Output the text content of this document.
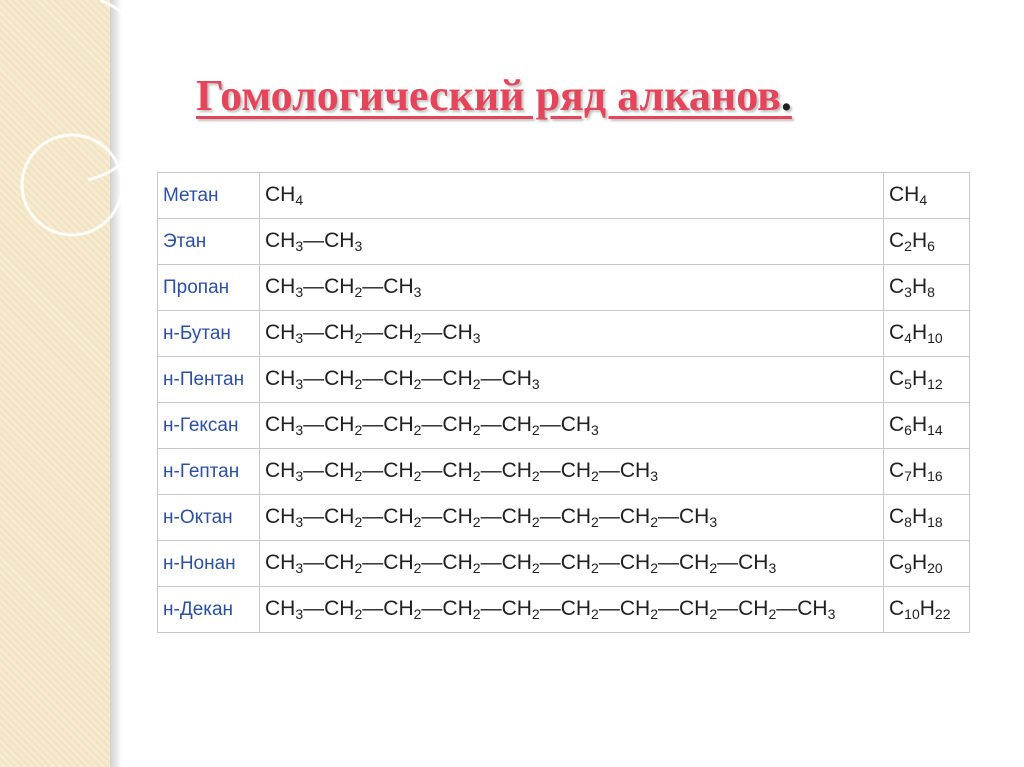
Гомологический ряд алканов.
Метан	$CH_4$	$CH_4$
Этан	$CH_3—CH_3$	$C_2H_6$
Пропан	$CH_3—CH_2—CH_3$	$C_3H_8$
н-Бутан	$CH_3—CH_2—CH_2—CH_3$	$C_4H_{10}$
н-Пентан	$CH_3—CH_2—CH_2—CH_2—CH_3$	$C_5H_{12}$
н-Гексан	$CH_3—CH_2—CH_2—CH_2—CH_2—CH_3$	$C_6H_{14}$
н-Гептан	$CH_3—CH_2—CH_2—CH_2—CH_2—CH_2—CH_3$	$C_7H_{16}$
н-Октан	$CH_3—CH_2—CH_2—CH_2—CH_2—CH_2—CH_2—CH_3$	$C_8H_{18}$
н-Нонан	$CH_3—CH_2—CH_2—CH_2—CH_2—CH_2—CH_2—CH_2—CH_3$	$C_9H_{20}$
н-Декан	$CH_3—CH_2—CH_2—CH_2—CH_2—CH_2—CH_2—CH_2—CH_2—CH_3$	$C_{10}H_{22}$
